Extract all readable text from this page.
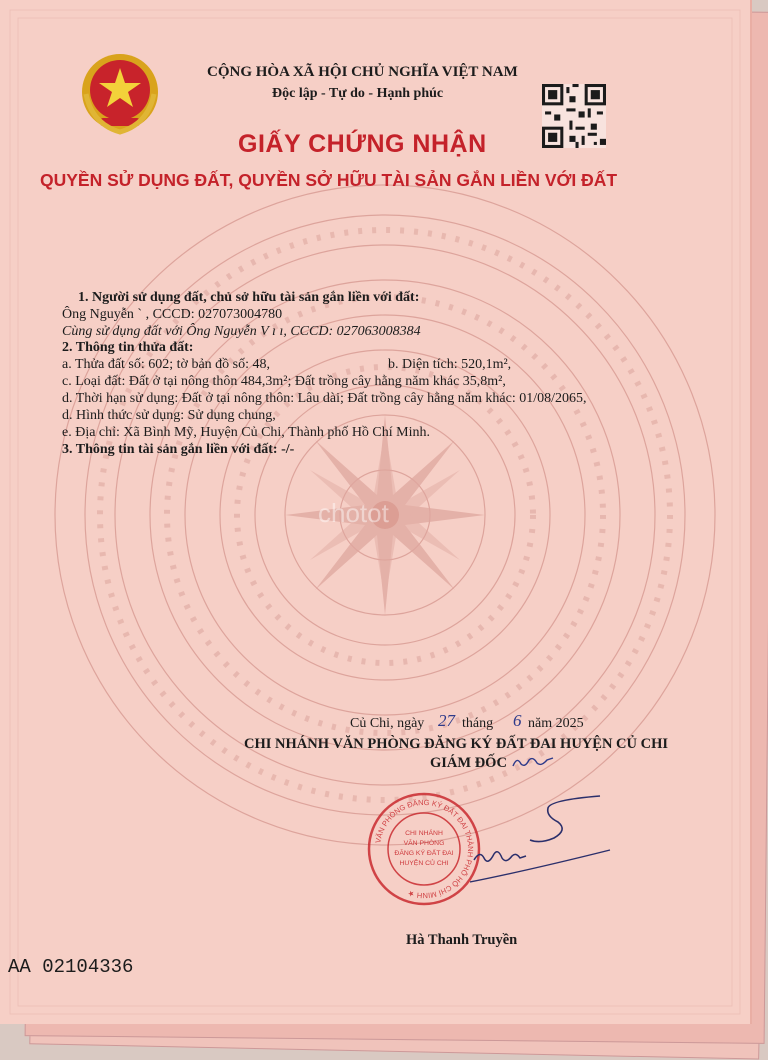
CỘNG HÒA XÃ HỘI CHỦ NGHĨA VIỆT NAM
Độc lập - Tự do - Hạnh phúc
GIẤY CHỨNG NHẬN
QUYỀN SỬ DỤNG ĐẤT, QUYỀN SỞ HỮU TÀI SẢN GẮN LIỀN VỚI ĐẤT
1. Người sử dụng đất, chủ sở hữu tài sản gắn liền với đất:
Ông Nguyễn ` , CCCD: 027073004780
Cùng sử dụng đất với Ông Nguyễn V ı ı, CCCD: 027063008384
2. Thông tin thửa đất:
a. Thửa đất số: 602; tờ bản đồ số: 48,	b. Diện tích: 520,1m²,
c. Loại đất: Đất ở tại nông thôn 484,3m²; Đất trồng cây hằng năm khác 35,8m²,
d. Thời hạn sử dụng: Đất ở tại nông thôn: Lâu dài; Đất trồng cây hằng năm khác: 01/08/2065,
d. Hình thức sử dụng: Sử dụng chung,
e. Địa chỉ: Xã Bình Mỹ, Huyện Củ Chi, Thành phố Hồ Chí Minh.
3. Thông tin tài sản gắn liền với đất: -/-
chotot
Củ Chi, ngày 27 tháng 6 năm 2025
CHI NHÁNH VĂN PHÒNG ĐĂNG KÝ ĐẤT ĐAI HUYỆN CỦ CHI
GIÁM ĐỐC
VĂN PHÒNG ĐĂNG KÝ ĐẤT ĐAI THÀNH PHỐ HỒ CHÍ MINH ★
CHI NHÁNH
VĂN PHÒNG
ĐĂNG KÝ ĐẤT ĐAI
HUYỆN CỦ CHI
Hà Thanh Truyền
AA 02104336
